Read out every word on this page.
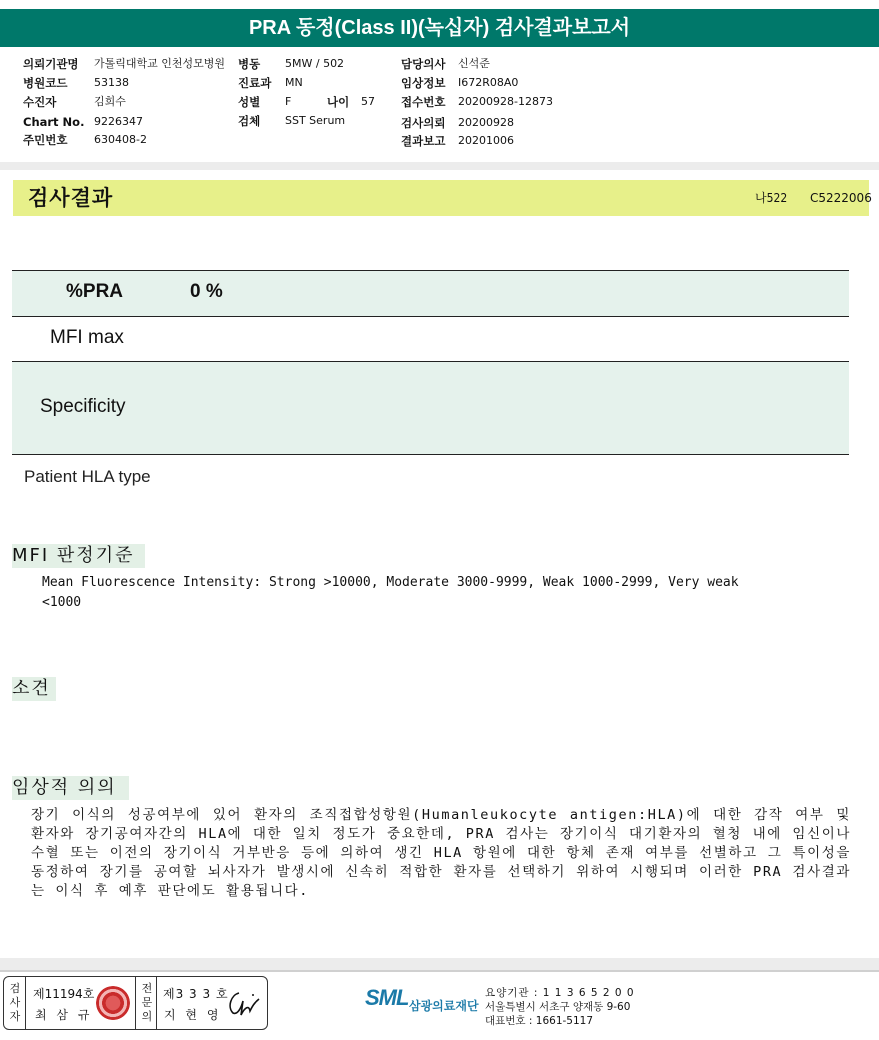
PRA 동정(Class II)(녹십자) 검사결과보고서
의뢰기관명 가톨릭대학교 인천성모병원 병동 5MW / 502	담당의사 신석준
병원코드 53138	진료과 MN	임상정보 I672R08A0
수진자	김희수	성별 F	나이 57 접수번호 20200928-12873
Chart No. 9226347	검체 SST Serum	검사의뢰 20200928
주민번호 630408-2	결과보고 20201006
검사결과	나522 C5222006
%PRA	0 %
MFI max
Specificity
Patient HLA type
MFI 판정기준
Mean Fluorescence Intensity: Strong >10000, Moderate 3000-9999, Weak 1000-2999, Very weak
<1000
소견
임상적 의의
장기 이식의 성공여부에 있어 환자의 조직접합성항원(Humanleukocyte antigen:HLA)에 대한 감작 여부 및 환자와 장기공여자간의 HLA에 대한 일치 정도가 중요한데, PRA 검사는 장기이식 대기환자의 혈청 내에 임신이나 수혈 또는 이전의 장기이식 거부반응 등에 의하여 생긴 HLA 항원에 대한 항체 존재 여부를 선별하고 그 특이성을 동정하여 장기를 공여할 뇌사자가 발생시에 신속히 적합한 환자를 선택하기 위하여 시행되며 이러한 PRA 검사결과는 이식 후 예후 판단에도 활용됩니다.
검사자
제11194호
최 삼 규
전문의
제3 3 3 호
지 현 영
SML 삼광의료재단
요양기관 : 1 1 3 6 5 2 0 0
서울특별시 서초구 양재동 9-60
대표번호 : 1661-5117
